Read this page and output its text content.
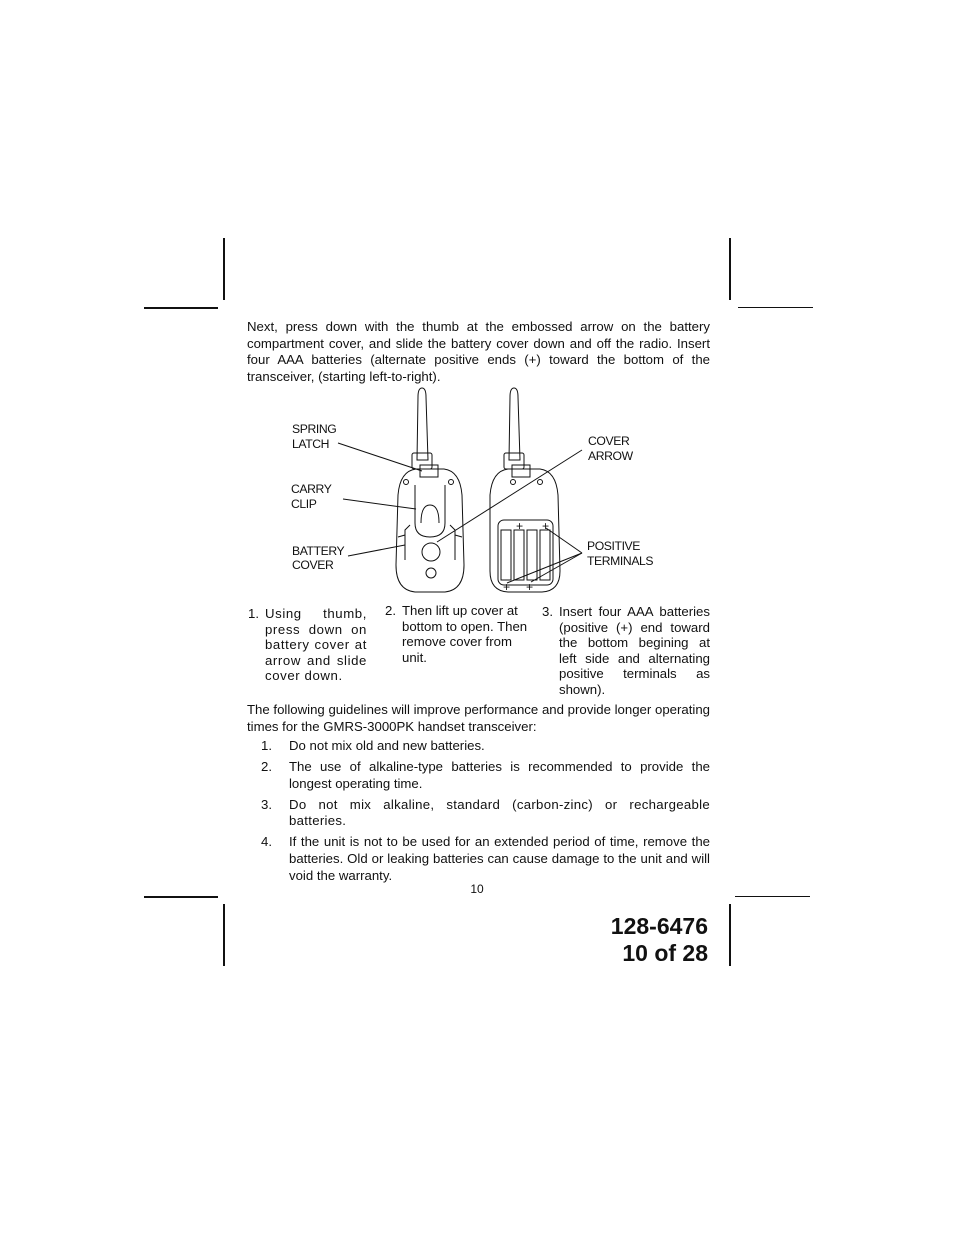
Next, press down with the thumb at the embossed arrow on the battery compartment cover, and slide the battery cover down and off the radio. Insert four AAA batteries (alternate positive ends (+) toward the bottom of the transceiver, (starting left-to-right).

+ +
+ +
SPRING
LATCH
CARRY
CLIP
BATTERY
COVER
COVER
ARROW
POSITIVE
TERMINALS
1. Using thumb, press down on battery cover at arrow and slide cover down.
2. Then lift up cover at bottom to open. Then remove cover from unit.
3. Insert four AAA batteries (positive (+) end toward the bottom begining at left side and alternating positive terminals as shown).

The following guidelines will improve performance and provide longer operating times for the GMRS-3000PK handset transceiver:

1. Do not mix old and new batteries.
2. The use of alkaline-type batteries is recommended to provide the longest operating time.
3. Do not mix alkaline, standard (carbon-zinc) or rechargeable batteries.
4. If the unit is not to be used for an extended period of time, remove the batteries. Old or leaking batteries can cause damage to the unit and will void the warranty.
10
128-6476
10 of 28
